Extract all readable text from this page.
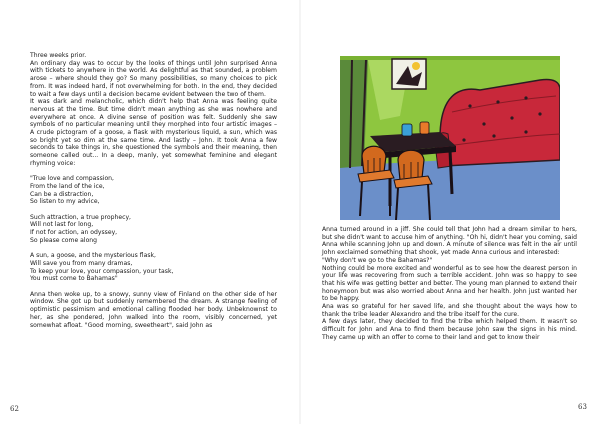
Three weeks prior.

An ordinary day was to occur by the looks of things until John surprised Anna with tickets to anywhere in the world. As delightful as that sounded, a problem arose – where should they go? So many possibilities, so many choices to pick from. It was indeed hard, if not overwhelming for both. In the end, they decided to wait a few days until a decision became evident between the two of them.

It was dark and melancholic, which didn't help that Anna was feeling quite nervous at the time. But time didn't mean anything as she was nowhere and everywhere at once. A divine sense of position was felt. Suddenly she saw symbols of no particular meaning until they morphed into four artistic images – A crude pictogram of a goose, a flask with mysterious liquid, a sun, which was so bright yet so dim at the same time. And lastly – John. It took Anna a few seconds to take things in, she questioned the symbols and their meaning, then someone called out... In a deep, manly, yet somewhat feminine and elegant rhyming voice:

"True love and compassion,

From the land of the ice,

Can be a distraction,

So listen to my advice,

Such attraction, a true prophecy,

Will not last for long,

If not for action, an odyssey,

So please come along

A sun, a goose, and the mysterious flask,

Will save you from many dramas,

To keep your love, your compassion, your task,

You must come to Bahamas"

Anna then woke up, to a snowy, sunny view of Finland on the other side of her window. She got up but suddenly remembered the dream. A strange feeling of optimistic pessimism and emotional calling flooded her body. Unbeknownst to her, as she pondered, John walked into the room, visibly concerned, yet somewhat afloat. "Good morning, sweetheart", said John as

62

Anna turned around in a jiff. She could tell that John had a dream similar to hers, but she didn't want to accuse him of anything. "Oh hi, didn't hear you coming, said Anna while scanning John up and down. A minute of silence was felt in the air until John exclaimed something that shook, yet made Anna curious and interested:

"Why don't we go to the Bahamas?"

Nothing could be more excited and wonderful as to see how the dearest person in your life was recovering from such a terrible accident. John was so happy to see that his wife was getting better and better. The young man planned to extend their honeymoon but was also worried about Anna and her health. John just wanted her to be happy.

Ana was so grateful for her saved life, and she thought about the ways how to thank the tribe leader Alexandro and the tribe itself for the cure.

A few days later, they decided to find the tribe which helped them. It wasn't so difficult for John and Ana to find them because John saw the signs in his mind. They came up with an offer to come to their land and get to know their

63
